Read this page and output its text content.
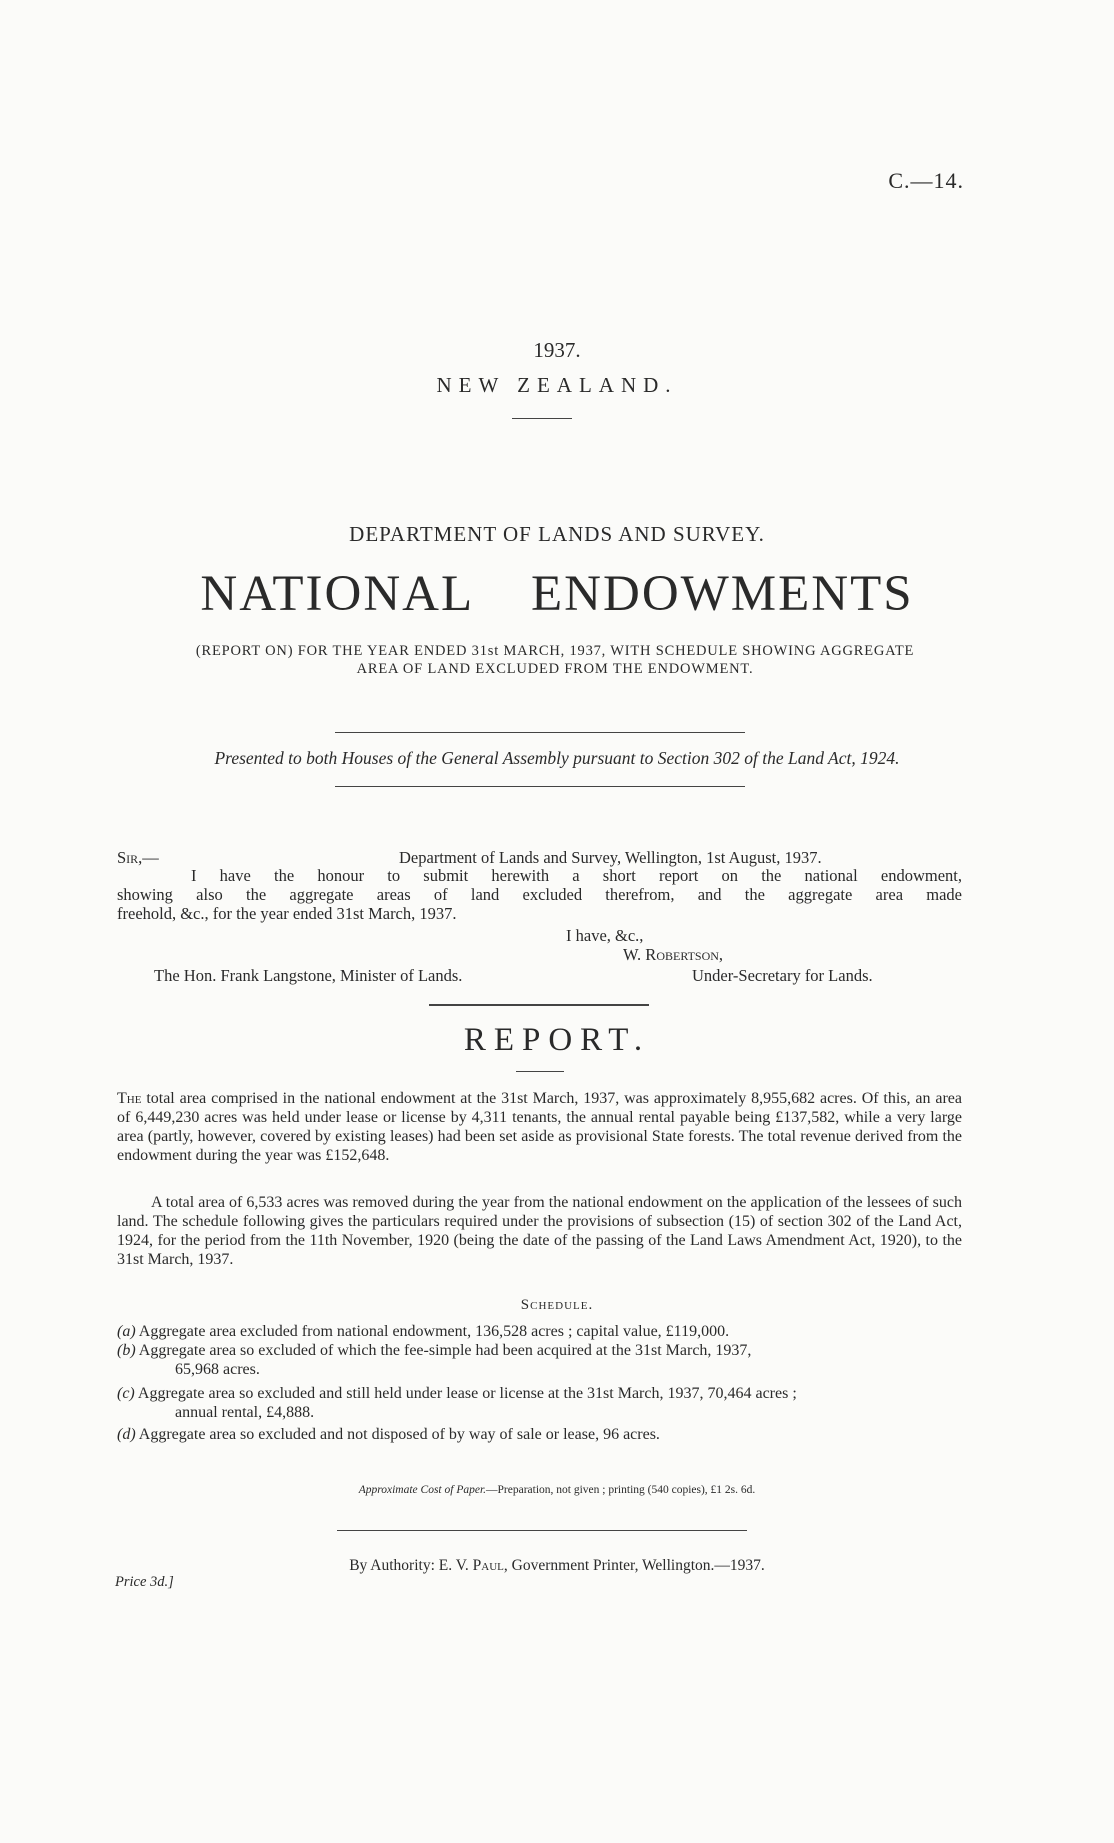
C.—14.
1937.
NEW ZEALAND.
DEPARTMENT OF LANDS AND SURVEY.
NATIONAL ENDOWMENTS
(REPORT ON) FOR THE YEAR ENDED 31st MARCH, 1937, WITH SCHEDULE SHOWING AGGREGATE
AREA OF LAND EXCLUDED FROM THE ENDOWMENT.
Presented to both Houses of the General Assembly pursuant to Section 302 of the Land Act, 1924.
Sir,—	Department of Lands and Survey, Wellington, 1st August, 1937.
I have the honour to submit herewith a short report on the national endowment,
showing also the aggregate areas of land excluded therefrom, and the aggregate area made
freehold, &c., for the year ended 31st March, 1937.
I have, &c.,
W. Robertson,
The Hon. Frank Langstone, Minister of Lands.	Under-Secretary for Lands.
REPORT.
The total area comprised in the national endowment at the 31st March, 1937, was approximately 8,955,682 acres. Of this, an area of 6,449,230 acres was held under lease or license by 4,311 tenants, the annual rental payable being £137,582, while a very large area (partly, however, covered by existing leases) had been set aside as provisional State forests. The total revenue derived from the endowment during the year was £152,648.
A total area of 6,533 acres was removed during the year from the national endowment on the application of the lessees of such land. The schedule following gives the particulars required under the provisions of subsection (15) of section 302 of the Land Act, 1924, for the period from the 11th November, 1920 (being the date of the passing of the Land Laws Amendment Act, 1920), to the 31st March, 1937.
Schedule.
(a) Aggregate area excluded from national endowment, 136,528 acres ; capital value, £119,000.
(b) Aggregate area so excluded of which the fee-simple had been acquired at the 31st March, 1937,
65,968 acres.
(c) Aggregate area so excluded and still held under lease or license at the 31st March, 1937, 70,464 acres ;
annual rental, £4,888.
(d) Aggregate area so excluded and not disposed of by way of sale or lease, 96 acres.
Approximate Cost of Paper.—Preparation, not given ; printing (540 copies), £1 2s. 6d.
By Authority: E. V. Paul, Government Printer, Wellington.—1937.
Price 3d.]
